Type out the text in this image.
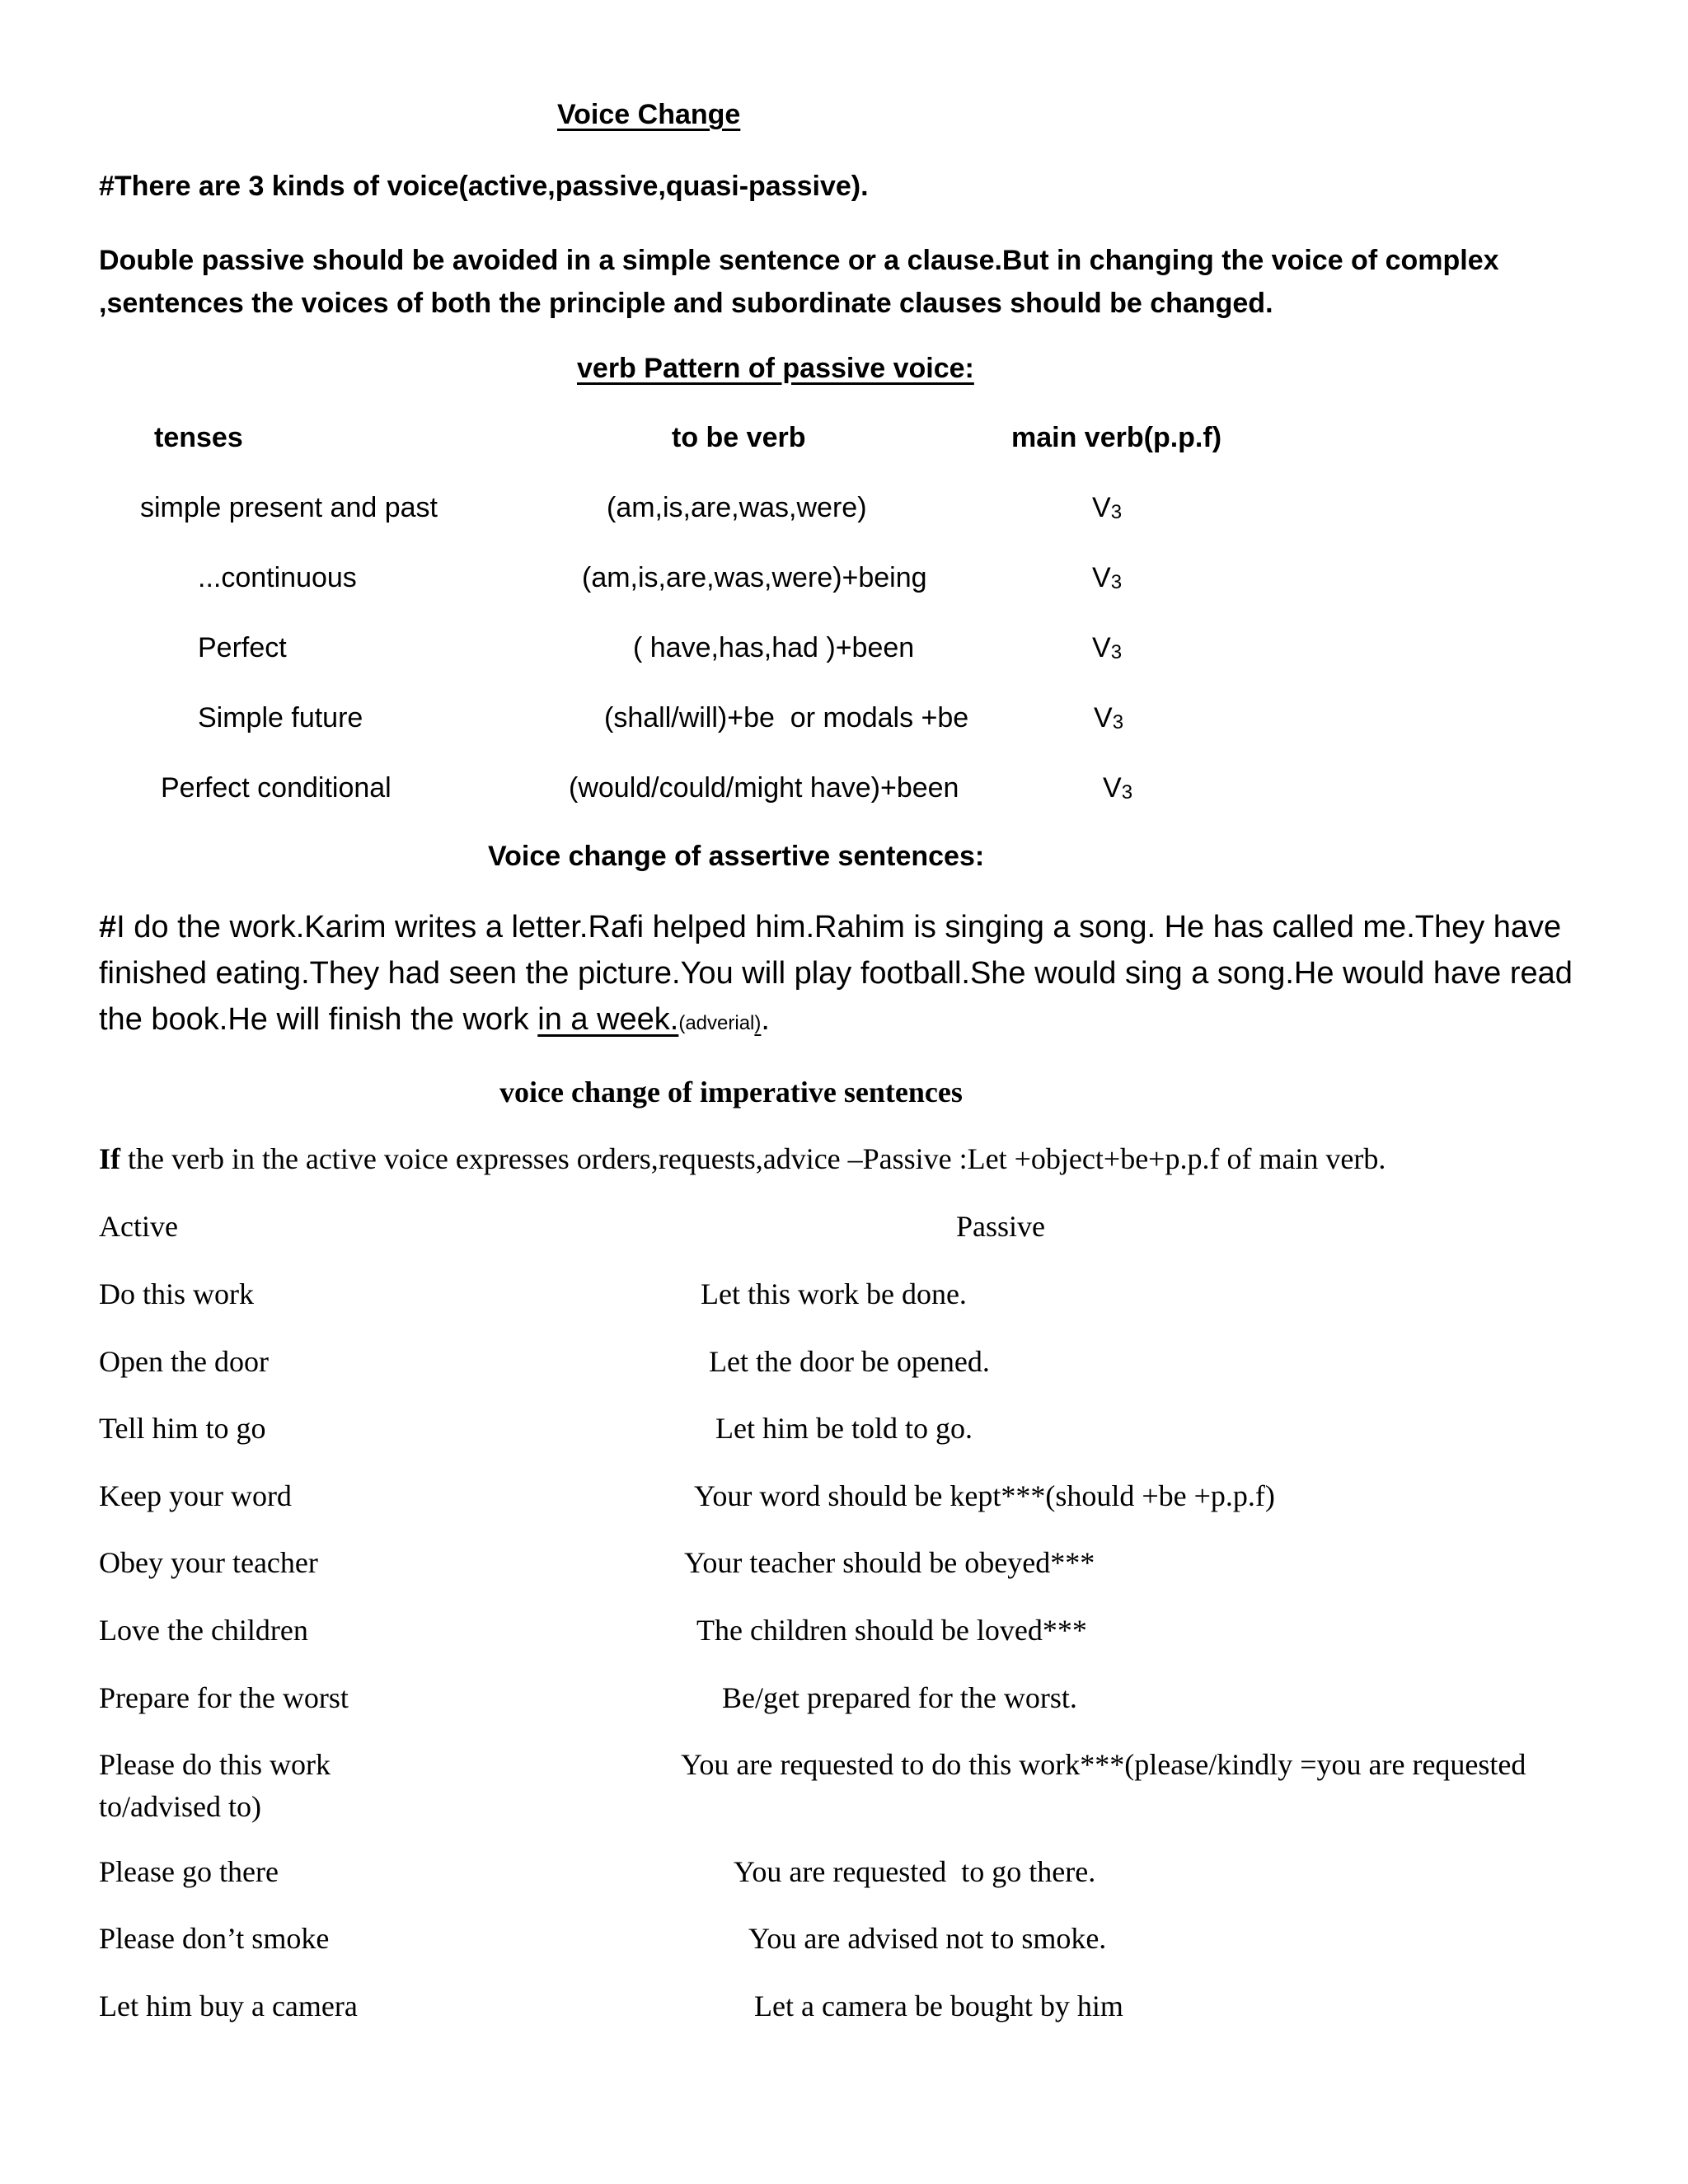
Voice Change
#There are 3 kinds of voice(active,passive,quasi-passive).
Double passive should be avoided in a simple sentence or a clause.But in changing the voice of complex ,sentences the voices of both the principle and subordinate clauses should be changed.
verb Pattern of passive voice:
tenses	to be verb	main verb(p.p.f)
simple present and past	(am,is,are,was,were)	$V_3$
...continuous	(am,is,are,was,were)+being	$V_3$
Perfect	( have,has,had )+been	$V_3$
Simple future	(shall/will)+be  or modals +be	$V_3$
Perfect conditional	(would/could/might have)+been	$V_3$
Voice change of assertive sentences:
#I do the work.Karim writes a letter.Rafi helped him.Rahim is singing a song. He has called me.They have finished eating.They had seen the picture.You will play football.She would sing a song.He would have read the book.He will finish the work in a week.(adverial).
voice change of imperative sentences
If the verb in the active voice expresses orders,requests,advice –Passive :Let +object+be+p.p.f of main verb.
Active	Passive
Do this work	Let this work be done.
Open the door	Let the door be opened.
Tell him to go	Let him be told to go.
Keep your word	Your word should be kept***(should +be +p.p.f)
Obey your teacher	Your teacher should be obeyed***
Love the children	The children should be loved***
Prepare for the worst	Be/get prepared for the worst.
Please do this work	You are requested to do this work***(please/kindly =you are requested
to/advised to)
Please go there	You are requested  to go there.
Please don’t smoke	You are advised not to smoke.
Let him buy a camera	Let a camera be bought by him
